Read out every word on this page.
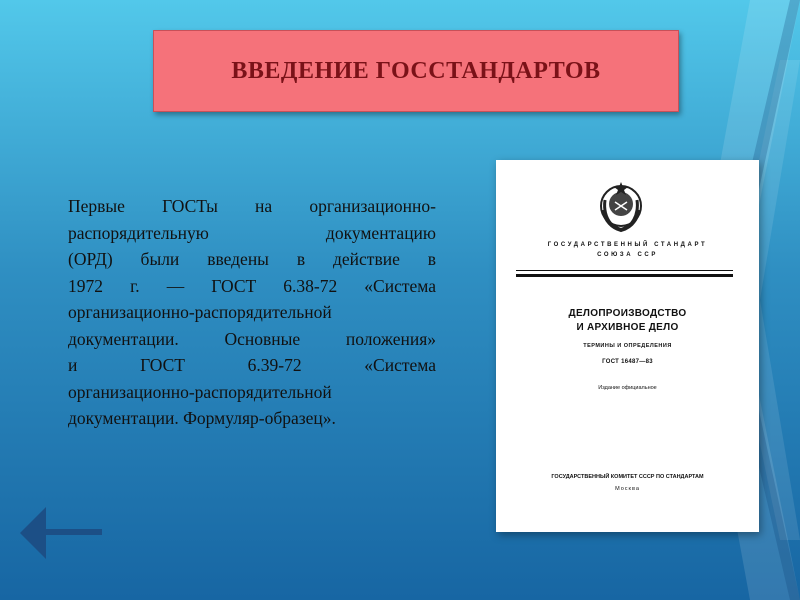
ВВЕДЕНИЕ ГОССТАНДАРТОВ

Первые ГОСТы на организационно-

распорядительную документацию

(ОРД) были введены в действие в

1972 г. — ГОСТ 6.38-72 «Система

организационно-распорядительной

документации. Основные положения»

и ГОСТ 6.39-72 «Система

организационно-распорядительной

документации. Формуляр-образец».

ГОСУДАРСТВЕННЫЙ СТАНДАРТ
СОЮЗА ССР
ДЕЛОПРОИЗВОДСТВО
И АРХИВНОЕ ДЕЛО
ТЕРМИНЫ И ОПРЕДЕЛЕНИЯ
ГОСТ 16487—83
Издание официальное
ГОСУДАРСТВЕННЫЙ КОМИТЕТ СССР ПО СТАНДАРТАМ
Москва
